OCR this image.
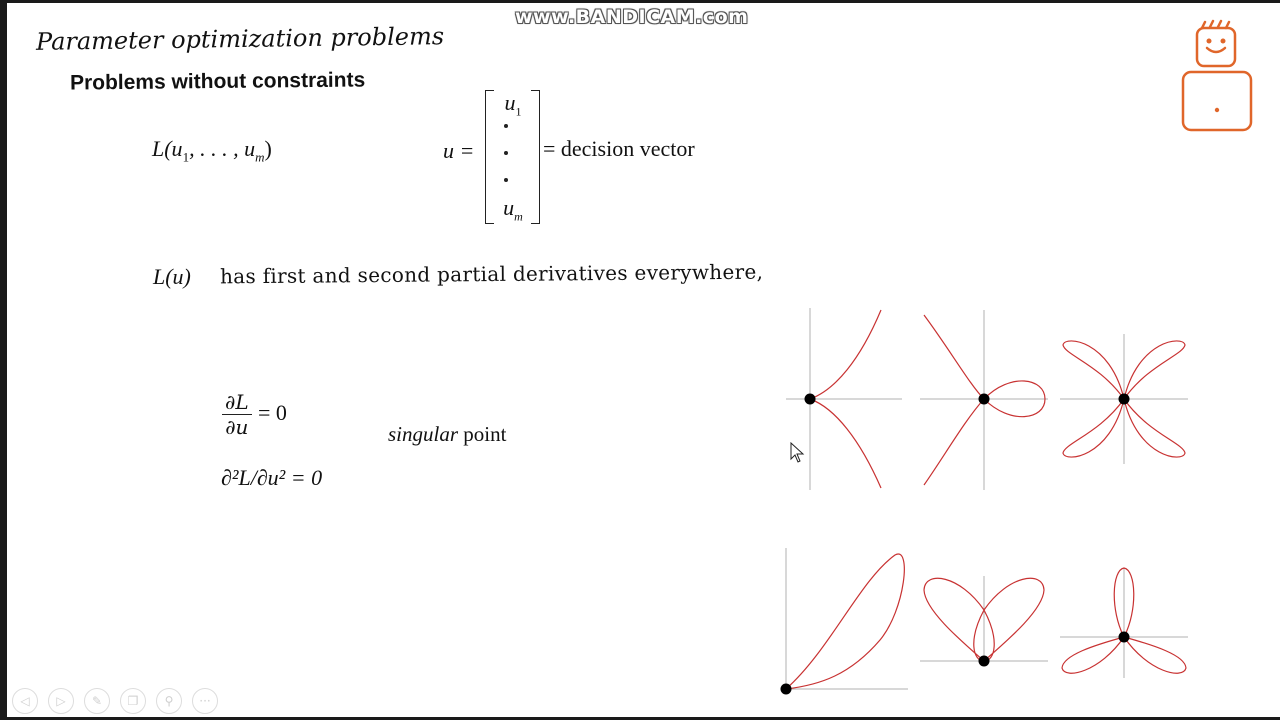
www.BANDICAM.com
Parameter optimization problems
Problems without constraints
$L(u_1$, . . . , $u_m$)	u =
$u_1$
$u_m$
= decision vector
L(u) has first and second partial derivatives everywhere,
$\frac{\partial L}{\partial u} = 0$
∂²L/∂u² = 0
singular point
◁ ▷ ✎ ❐ ⚲ ···
